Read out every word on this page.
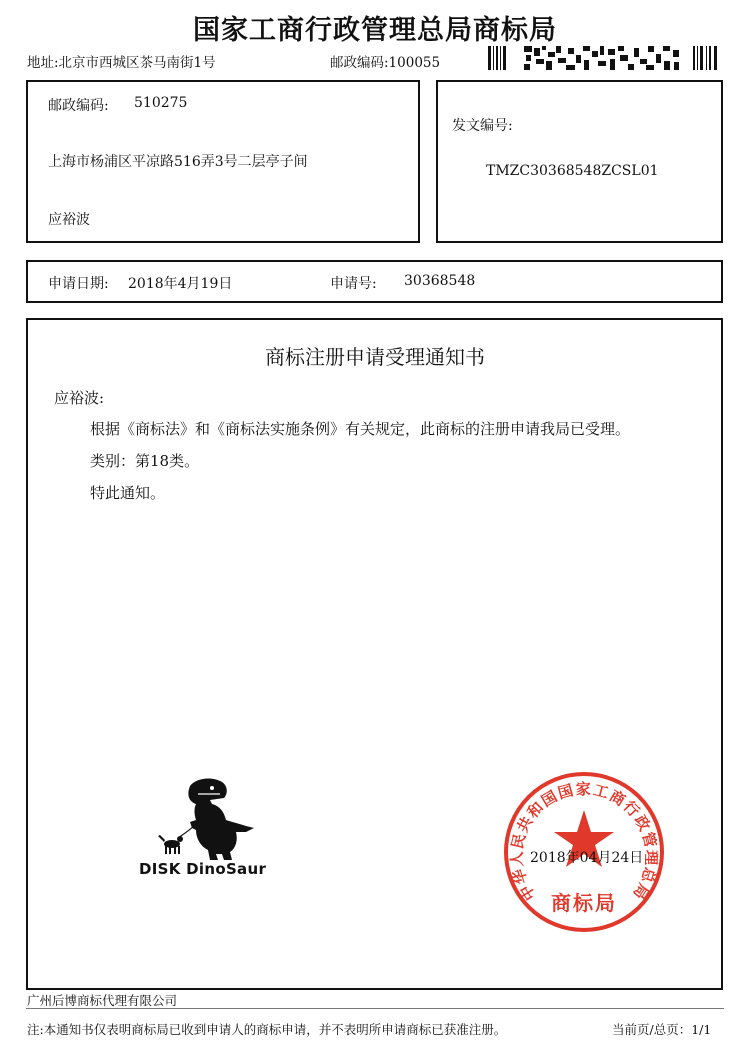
国家工商行政管理总局商标局
地址:北京市西城区茶马南街1号	邮政编码:100055
邮政编码: 510275
上海市杨浦区平凉路516弄3号二层亭子间
应裕波
发文编号:
TMZC30368548ZCSL01
申请日期: 2018年4月19日	申请号: 30368548
商标注册申请受理通知书
应裕波:
根据《商标法》和《商标法实施条例》有关规定，此商标的注册申请我局已受理。
类别：第18类。
特此通知。
DISK DinoSaur
中华人民共和国国家工商行政管理总局
商标局
2018年04月24日
广州后博商标代理有限公司
注:本通知书仅表明商标局已收到申请人的商标申请，并不表明所申请商标已获准注册。	当前页/总页：1/1
